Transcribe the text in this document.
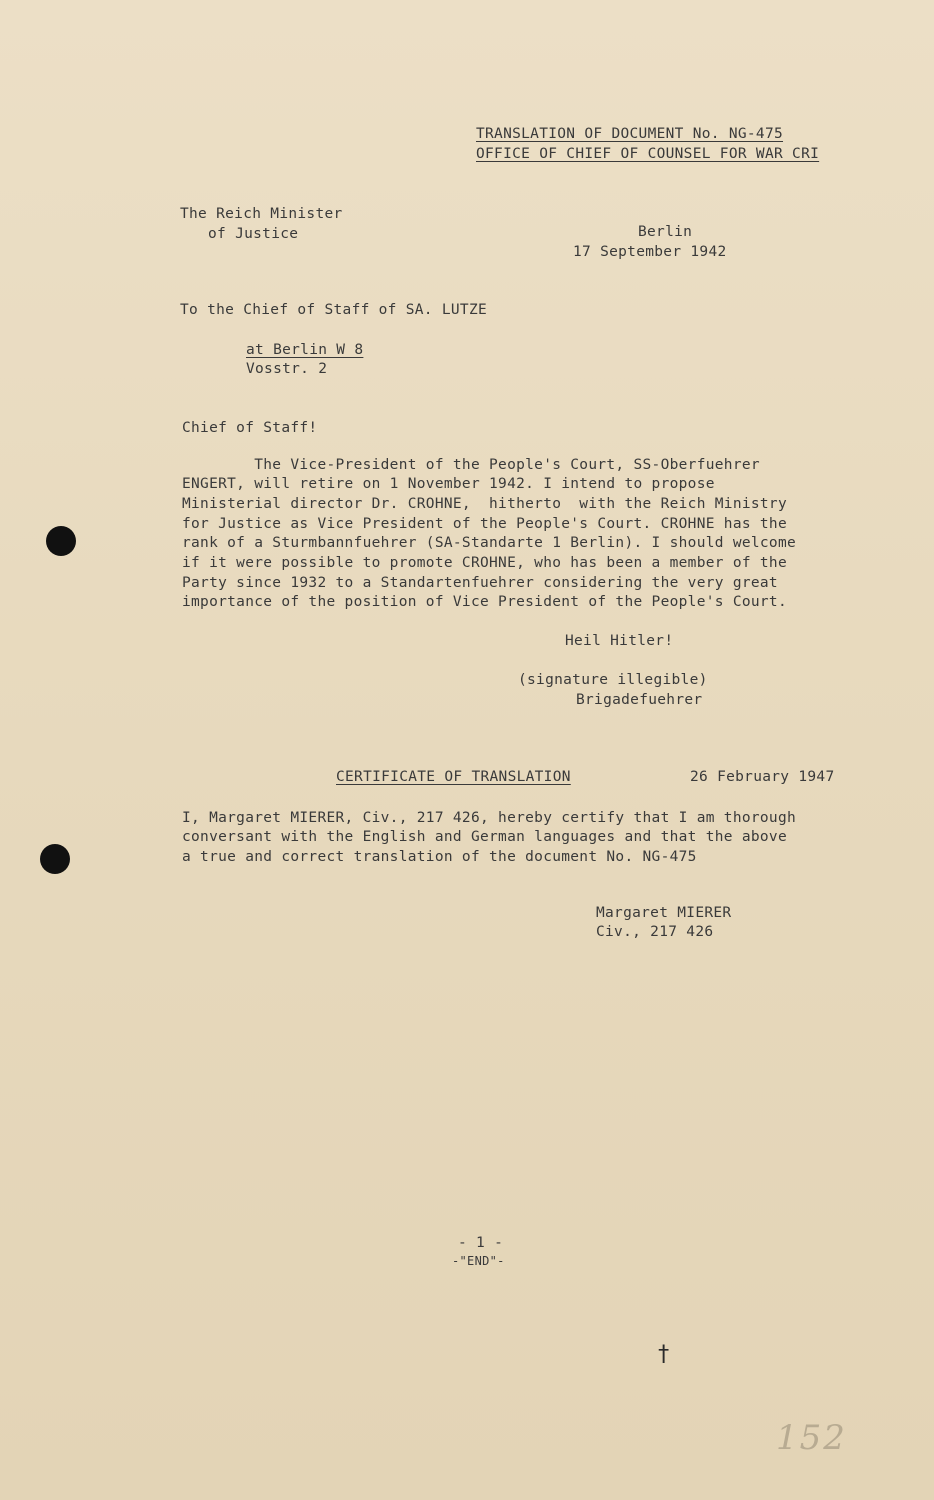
TRANSLATION OF DOCUMENT No. NG-475
OFFICE OF CHIEF OF COUNSEL FOR WAR CRI
The Reich Minister
of Justice	Berlin
17 September 1942
To the Chief of Staff of SA. LUTZE
at Berlin W 8
Vosstr. 2
Chief of Staff!
The Vice-President of the People's Court, SS-Oberfuehrer
ENGERT, will retire on 1 November 1942. I intend to propose
Ministerial director Dr. CROHNE,  hitherto  with the Reich Ministry
for Justice as Vice President of the People's Court. CROHNE has the
rank of a Sturmbannfuehrer (SA-Standarte 1 Berlin). I should welcome
if it were possible to promote CROHNE, who has been a member of the
Party since 1932 to a Standartenfuehrer considering the very great
importance of the position of Vice President of the People's Court.
Heil Hitler!
(signature illegible)
Brigadefuehrer
CERTIFICATE OF TRANSLATION	26 February 1947
I, Margaret MIERER, Civ., 217 426, hereby certify that I am thorough
conversant with the English and German languages and that the above
a true and correct translation of the document No. NG-475
Margaret MIERER
Civ., 217 426
- 1 -
-"END"-
†
152
